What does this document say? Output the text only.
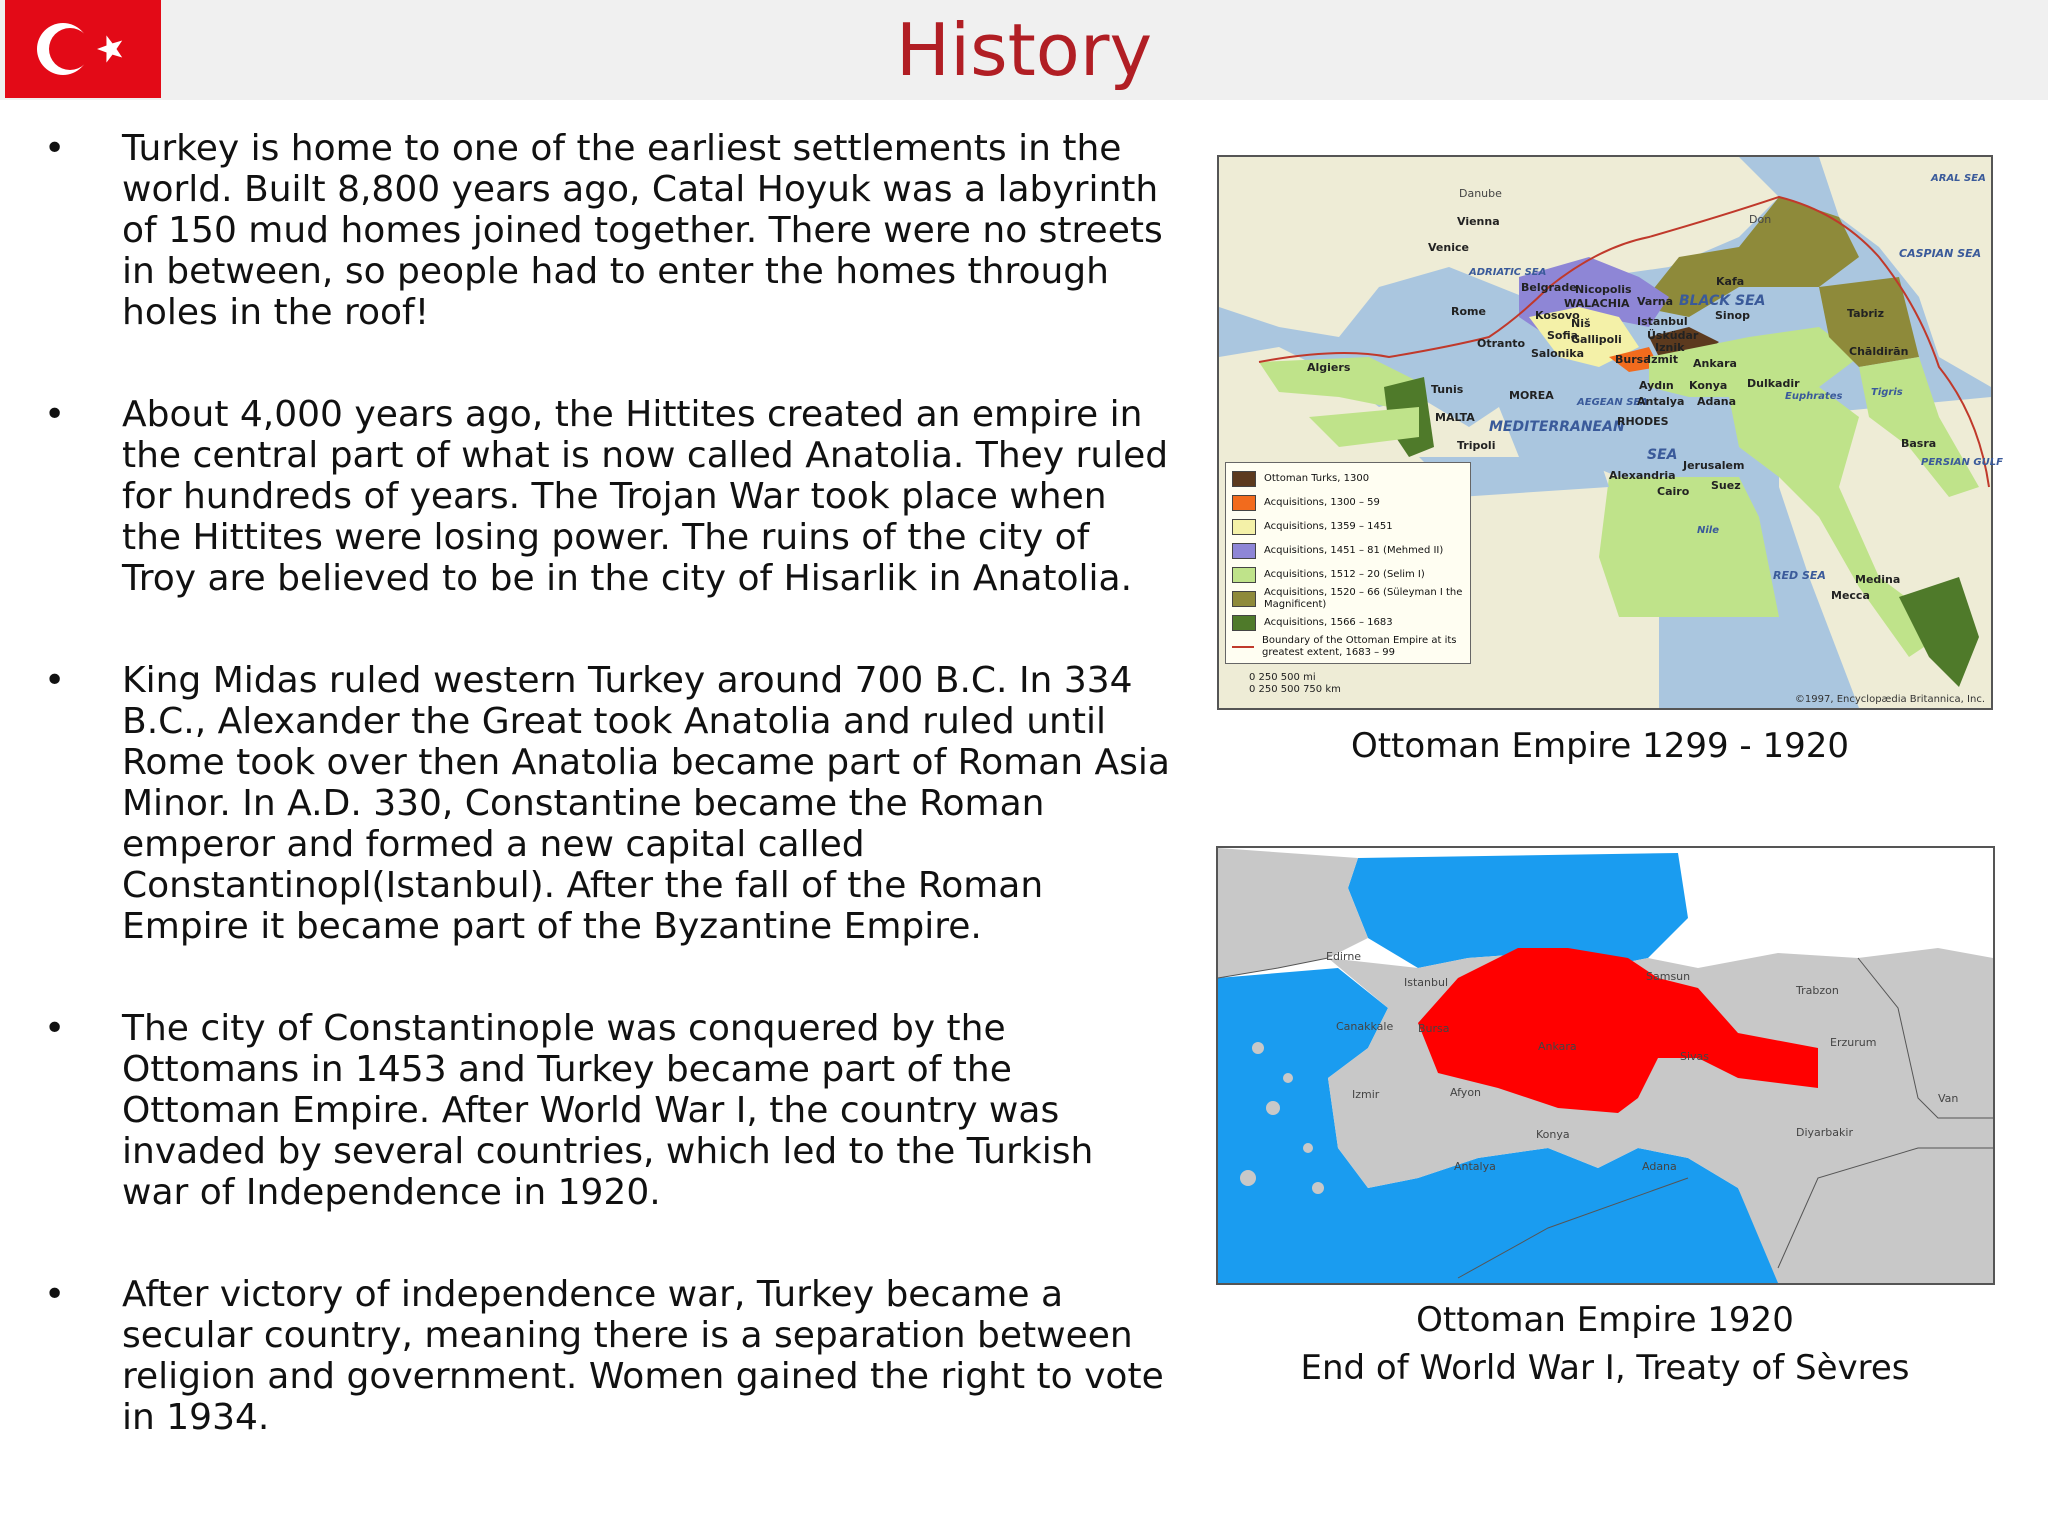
History
• Turkey is home to one of the earliest settlements in the world. Built 8,800 years ago, Catal Hoyuk was a labyrinth of 150 mud homes joined together. There were no streets in between, so people had to enter the homes through holes in the roof!
• About 4,000 years ago, the Hittites created an empire in the central part of what is now called Anatolia. They ruled for hundreds of years. The Trojan War took place when the Hittites were losing power. The ruins of the city of Troy are believed to be in the city of Hisarlik in Anatolia.
• King Midas ruled western Turkey around 700 B.C. In 334 B.C., Alexander the Great took Anatolia and ruled until Rome took over then Anatolia became part of Roman Asia Minor. In A.D. 330, Constantine became the Roman emperor and formed a new capital called Constantinopl(Istanbul). After the fall of the Roman Empire it became part of the Byzantine Empire.
• The city of Constantinople was conquered by the Ottomans in 1453 and Turkey became part of the Ottoman Empire. After World War I, the country was invaded by several countries, which led to the Turkish war of Independence in 1920.
• After victory of independence war, Turkey became a secular country, meaning there is a separation between religion and government. Women gained the right to vote in 1934.
Danube
Vienna
Venice
Don
ARAL SEA
CASPIAN SEA
ADRIATIC SEA
Belgrade
Nicopolis
Kafa
Kosovo
WALACHIA Varna BLACK SEA
Rome
Niš
Sofia
Istanbul Sinop	Tabriz
Gallipoli Üsküdar
Otranto
Salonika	Iznik
Bursa
Izmit Ankara
Chāldirān
Algiers
Aydın Konya Dulkadir
Tunis	MOREA
AEGEAN SEA
Antalya Adana
Tigris
Euphrates
MALTA
MEDITERRANEAN
RHODES
Basra
PERSIAN GULF
Tripoli
SEA
Jerusalem
Alexandria
Cairo Suez
Nile
RED SEA	Medina
Mecca
Ottoman Turks, 1300
Acquisitions, 1300 – 59
Acquisitions, 1359 – 1451
Acquisitions, 1451 – 81 (Mehmed II)
Acquisitions, 1512 – 20 (Selim I)
Acquisitions, 1520 – 66 (Süleyman I the Magnificent)
Acquisitions, 1566 – 1683
Boundary of the Ottoman Empire at its greatest extent, 1683 – 99
0 250 500 mi
0 250 500 750 km
©1997, Encyclopædia Britannica, Inc.
Ottoman Empire 1299 - 1920
Edirne
Istanbul	Samsun
Trabzon
Canakkale Bursa
Ankara
Sivas
Erzurum
Izmir	Afyon	Van
Konya	Diyarbakir
Antalya	Adana
Ottoman Empire 1920
End of World War I, Treaty of Sèvres
